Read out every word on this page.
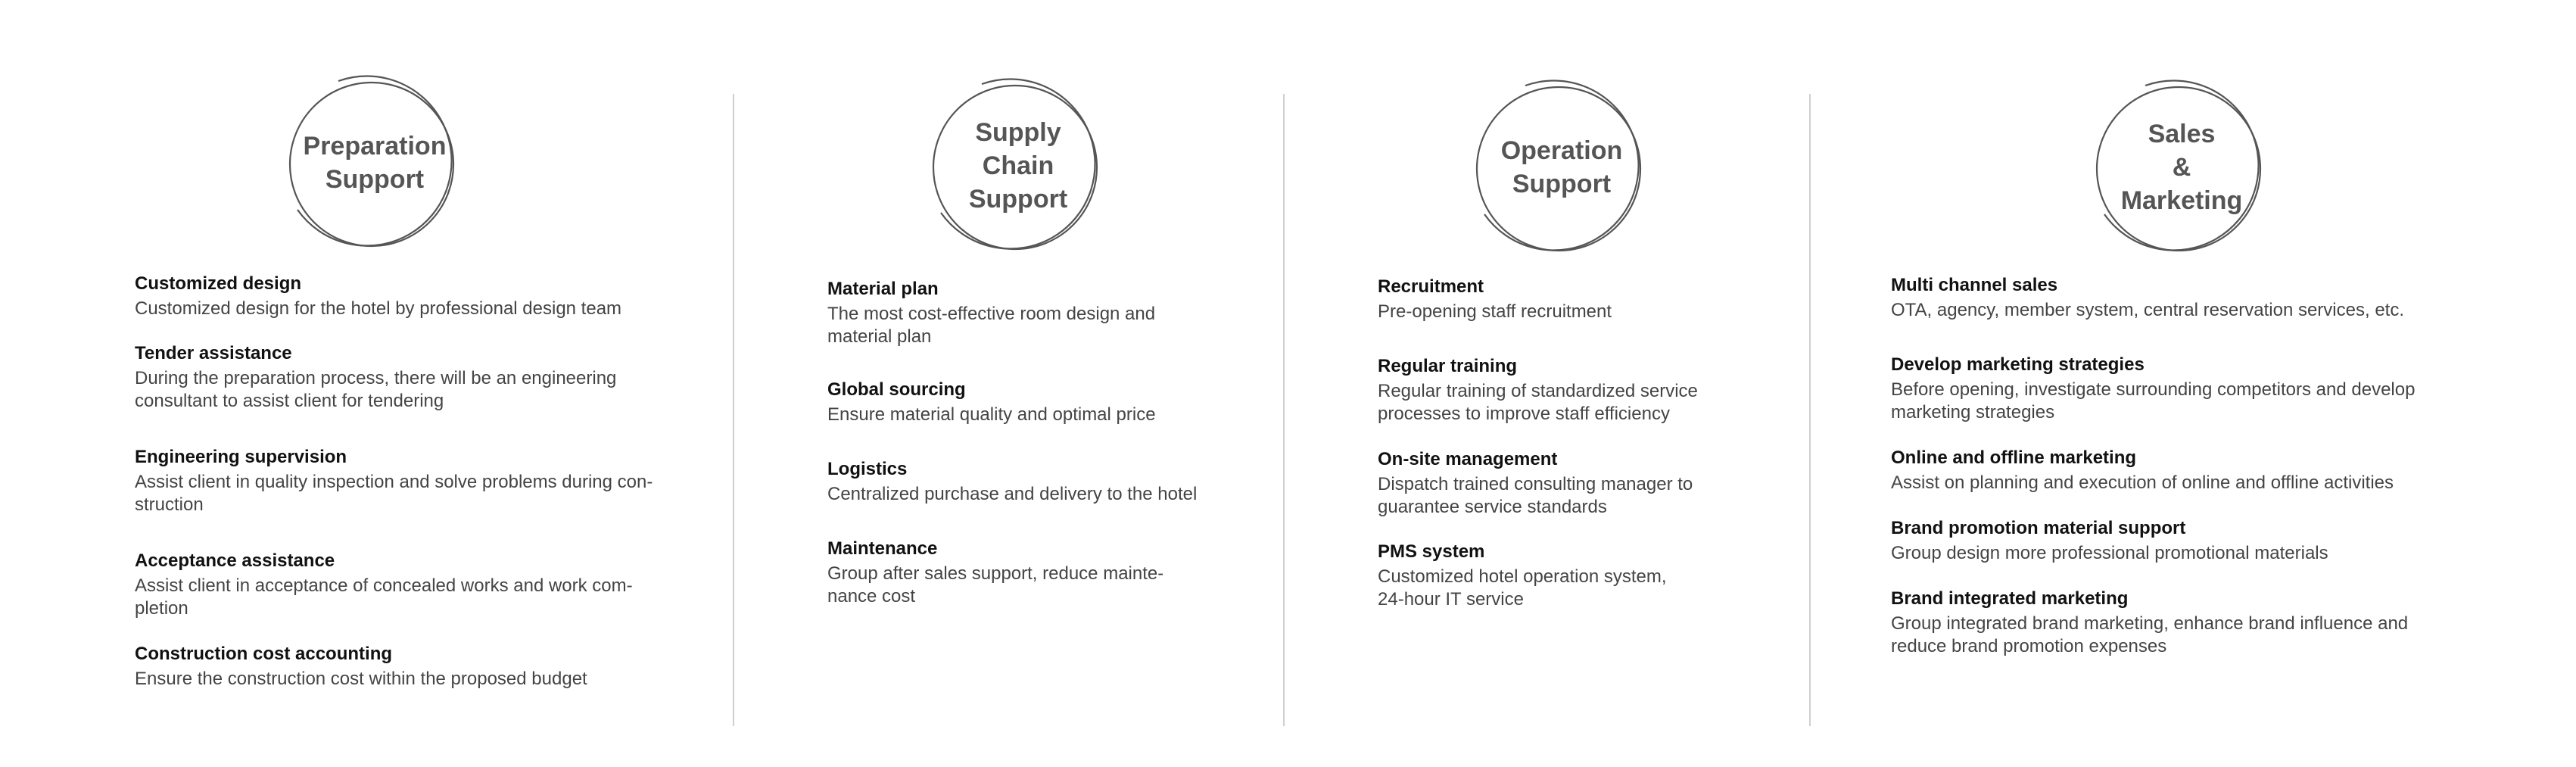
Preparation
Support
Customized design
Customized design for the hotel by professional design team
Tender assistance
During the preparation process, there will be an engineering
consultant to assist client for tendering
Engineering supervision
Assist client in quality inspection and solve problems during con-
struction
Acceptance assistance
Assist client in acceptance of concealed works and work com-
pletion
Construction cost accounting
Ensure the construction cost within the proposed budget
Supply
Chain
Support
Material plan
The most cost-effective room design and
material plan
Global sourcing
Ensure material quality and optimal price
Logistics
Centralized purchase and delivery to the hotel
Maintenance
Group after sales support, reduce mainte-
nance cost
Operation
Support
Recruitment
Pre-opening staff recruitment
Regular training
Regular training of standardized service
processes to improve staff efficiency
On-site management
Dispatch trained consulting manager to
guarantee service standards
PMS system
Customized hotel operation system,
24-hour IT service
Sales
&
Marketing
Multi channel sales
OTA, agency, member system, central reservation services, etc.
Develop marketing strategies
Before opening, investigate surrounding competitors and develop
marketing strategies
Online and offline marketing
Assist on planning and execution of online and offline activities
Brand promotion material support
Group design more professional promotional materials
Brand integrated marketing
Group integrated brand marketing, enhance brand influence and
reduce brand promotion expenses
